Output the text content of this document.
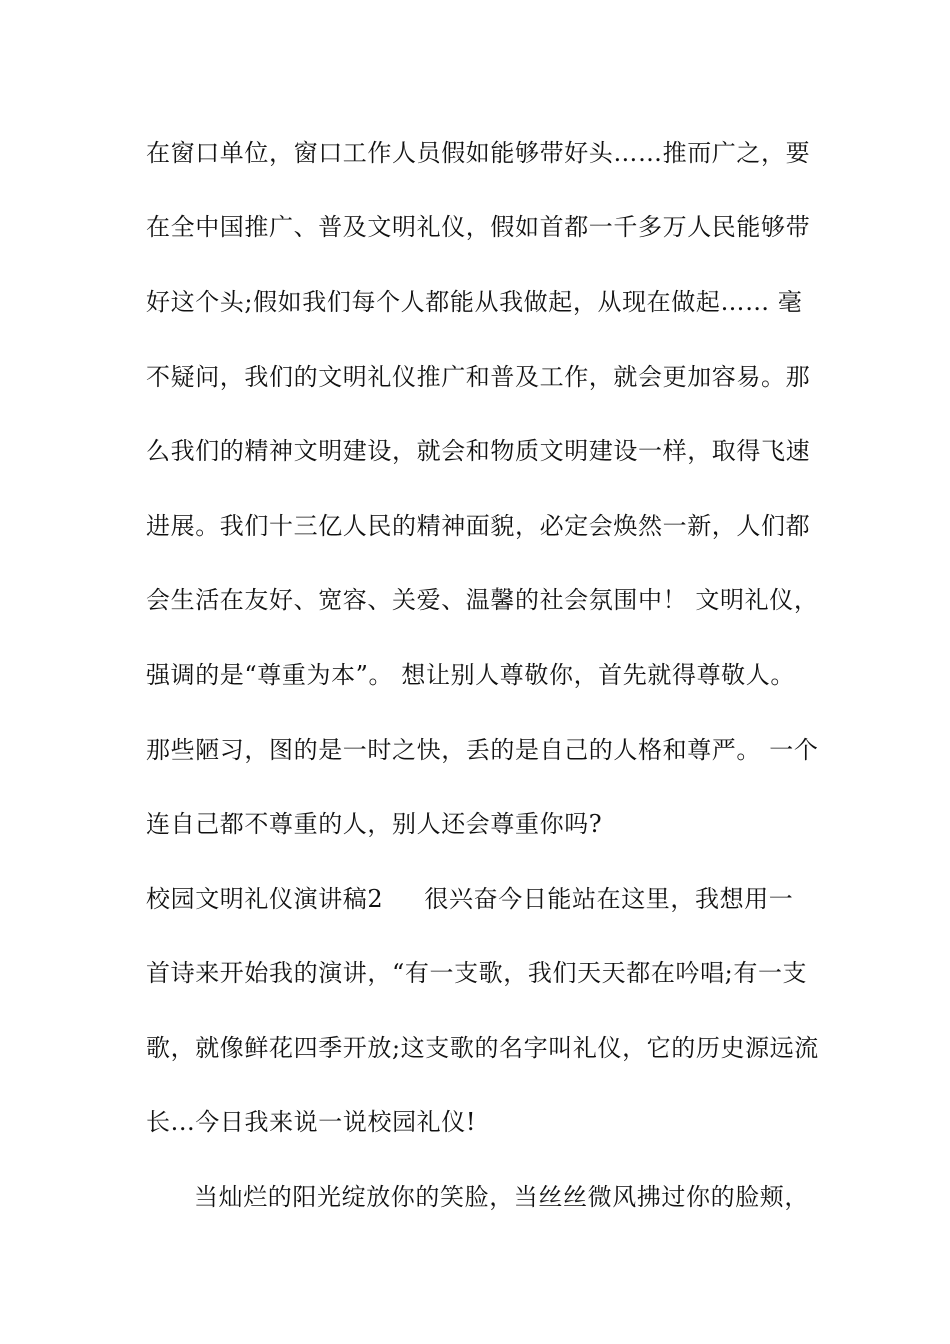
在窗口单位，窗口工作人员假如能够带好头……推而广之，要

在全中国推广、普及文明礼仪，假如首都一千多万人民能够带

好这个头;假如我们每个人都能从我做起，从现在做起…… 毫

不疑问，我们的文明礼仪推广和普及工作，就会更加容易。那

么我们的精神文明建设，就会和物质文明建设一样，取得飞速

进展。我们十三亿人民的精神面貌，必定会焕然一新，人们都

会生活在友好、宽容、关爱、温馨的社会氛围中！ 文明礼仪，

强调的是“尊重为本”。 想让别人尊敬你，首先就得尊敬人。

那些陋习，图的是一时之快，丢的是自己的人格和尊严。 一个

连自己都不尊重的人，别人还会尊重你吗?

校园文明礼仪演讲稿2     很兴奋今日能站在这里，我想用一

首诗来开始我的演讲，“有一支歌，我们天天都在吟唱;有一支

歌，就像鲜花四季开放;这支歌的名字叫礼仪，它的历史源远流

长...今日我来说一说校园礼仪!

当灿烂的阳光绽放你的笑脸，当丝丝微风拂过你的脸颊，
